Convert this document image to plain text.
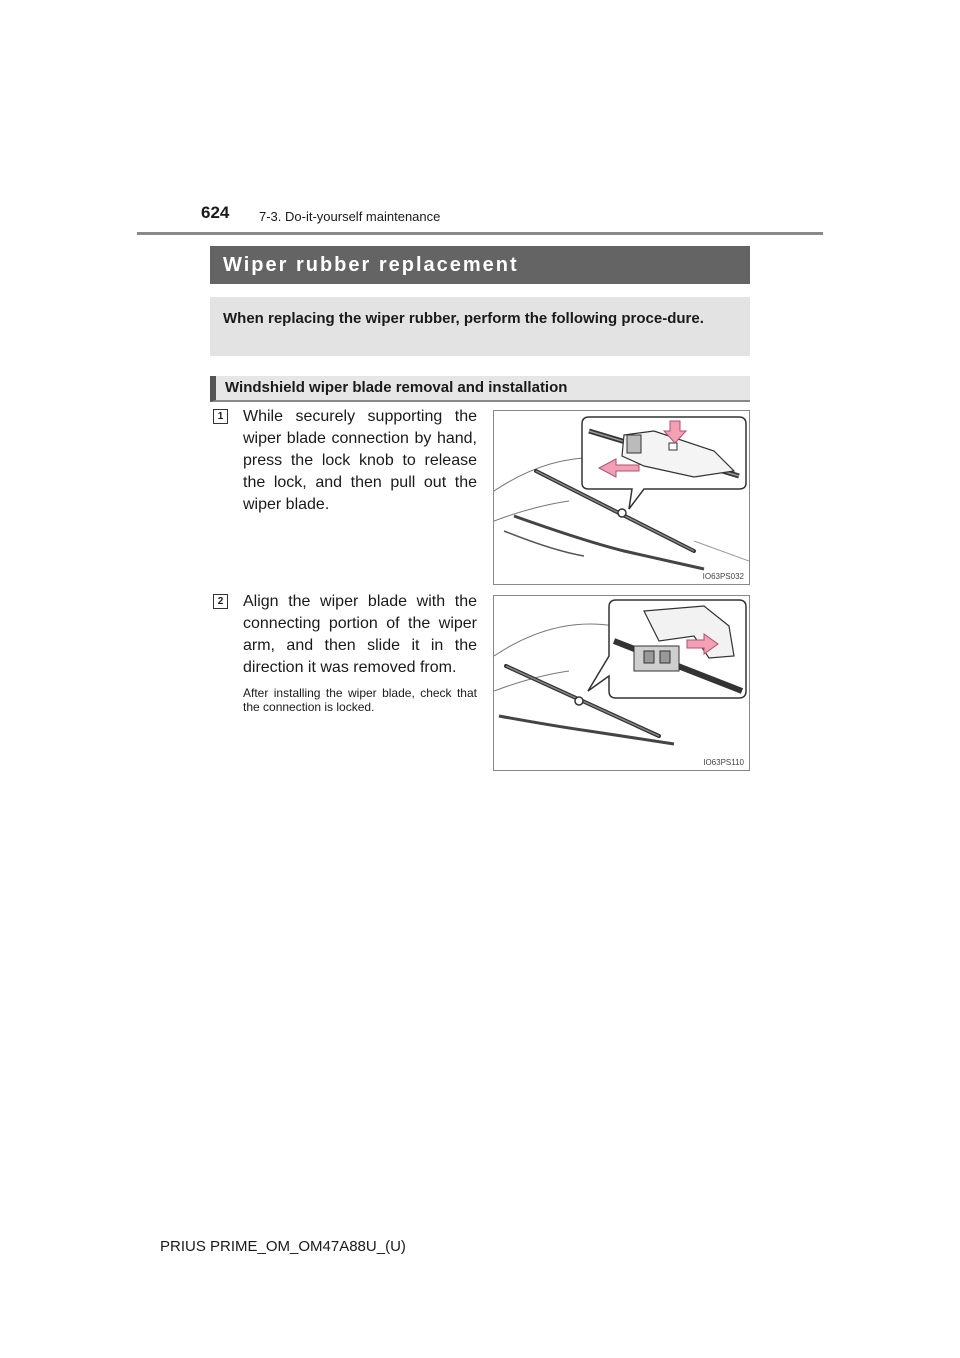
624 7-3. Do-it-yourself maintenance
Wiper rubber replacement
When replacing the wiper rubber, perform the following proce-dure.
Windshield wiper blade removal and installation
1 While securely supporting the wiper blade connection by hand, press the lock knob to release the lock, and then pull out the wiper blade.
IO63PS032
2 Align the wiper blade with the connecting portion of the wiper arm, and then slide it in the direction it was removed from.
After installing the wiper blade, check that the connection is locked.
IO63PS110
PRIUS PRIME_OM_OM47A88U_(U)
